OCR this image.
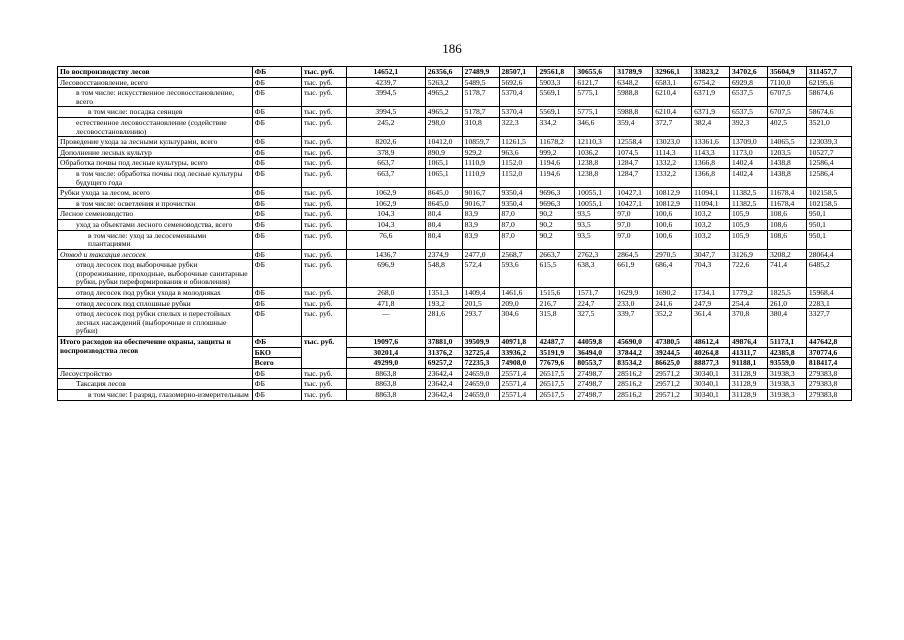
186
По воспроизводству лесов	ФБ	тыс. руб.	14652,1	26356,6	27489,9	28507,1	29561,8	30655,6	31789,9	32966,1	33823,2	34702,6	35604,9	311457,7
Лесовосстановление, всего	ФБ	тыс. руб.	4239,7	5263,2	5489,5	5692,6	5903,3	6121,7	6348,2	6583,1	6754,2	6929,8	7110,0	62195,6
в том числе: искусственное лесовосстановление, всего	ФБ	тыс. руб.	3994,5	4965,2	5178,7	5370,4	5569,1	5775,1	5988,8	6210,4	6371,9	6537,5	6707,5	58674,6
в том числе: посадка сеянцев	ФБ	тыс. руб.	3994,5	4965,2	5178,7	5370,4	5569,1	5775,1	5988,8	6210,4	6371,9	6537,5	6707,5	58674,6
естественное лесовосстановление (содействие лесовосстановлению)	ФБ	тыс. руб.	245,2	298,0	310,8	322,3	334,2	346,6	359,4	372,7	382,4	392,3	402,5	3521,0
Проведение ухода за лесными культурами, всего	ФБ	тыс. руб.	8202,6	10412,0	10859,7	11261,5	11678,2	12110,3	12558,4	13023,0	13361,6	13709,0	14065,5	123039,3
Дополнение лесных культур	ФБ	тыс. руб.	378,9	890,9	929,2	963,6	999,2	1036,2	1074,5	1114,3	1143,3	1173,0	1203,5	10527,7
Обработка почвы под лесные культуры, всего	ФБ	тыс. руб.	663,7	1065,1	1110,9	1152,0	1194,6	1238,8	1284,7	1332,2	1366,8	1402,4	1438,8	12586,4
в том числе: обработка почвы под лесные культуры будущего года	ФБ	тыс. руб.	663,7	1065,1	1110,9	1152,0	1194,6	1238,8	1284,7	1332,2	1366,8	1402,4	1438,8	12586,4
Рубки ухода за лесом, всего	ФБ	тыс. руб.	1062,9	8645,0	9016,7	9350,4	9696,3	10055,1	10427,1	10812,9	11094,1	11382,5	11678,4	102158,5
в том числе: осветления и прочистки	ФБ	тыс. руб.	1062,9	8645,0	9016,7	9350,4	9696,3	10055,1	10427,1	10812,9	11094,1	11382,5	11678,4	102158,5
Лесное семеноводство	ФБ	тыс. руб.	104,3	80,4	83,9	87,0	90,2	93,5	97,0	100,6	103,2	105,9	108,6	950,1
уход за объектами лесного семеноводства, всего	ФБ	тыс. руб.	104,3	80,4	83,9	87,0	90,2	93,5	97,0	100,6	103,2	105,9	108,6	950,1
в том числе: уход за лесосеменными плантациями	ФБ	тыс. руб.	76,6	80,4	83,9	87,0	90,2	93,5	97,0	100,6	103,2	105,9	108,6	950,1
Отвод и таксация лесосек	ФБ	тыс. руб.	1436,7	2374,9	2477,0	2568,7	2663,7	2762,3	2864,5	2970,5	3047,7	3126,9	3208,2	28064,4
отвод лесосек под выборочные рубки (прореживание, проходные, выборочные санитарные рубки, рубки переформирования и обновления)	ФБ	тыс. руб.	696,9	548,8	572,4	593,6	615,5	638,3	661,9	686,4	704,3	722,6	741,4	6485,2
отвод лесосек под рубки ухода в молодняках	ФБ	тыс. руб.	268,0	1351,3	1409,4	1461,6	1515,6	1571,7	1629,9	1690,2	1734,1	1779,2	1825,5	15968,4
отвод лесосек под сплошные рубки	ФБ	тыс. руб.	471,8	193,2	201,5	209,0	216,7	224,7	233,0	241,6	247,9	254,4	261,0	2283,1
отвод лесосек под рубки спелых и перестойных лесных насаждений (выборочные и сплошные рубки)	ФБ	тыс. руб.	—	281,6	293,7	304,6	315,8	327,5	339,7	352,2	361,4	370,8	380,4	3327,7
Итого расходов на обеспечение охраны, защиты и воспроизводства лесов	ФБ	тыс. руб.	19097,6	37881,0	39509,9	40971,8	42487,7	44059,8	45690,0	47380,5	48612,4	49876,4	51173,1	447642,8
	БКО		30201,4	31376,2	32725,4	33936,2	35191,9	36494,0	37844,2	39244,5	40264,8	41311,7	42385,8	370774,6
	Всего		49299,0	69257,2	72235,3	74908,0	77679,6	80553,7	83534,2	86625,0	88877,3	91188,1	93559,0	818417,4
Лесоустройство	ФБ	тыс. руб.	8863,8	23642,4	24659,0	25571,4	26517,5	27498,7	28516,2	29571,2	30340,1	31128,9	31938,3	279383,8
Таксация лесов	ФБ	тыс. руб.	8863,8	23642,4	24659,0	25571,4	26517,5	27498,7	28516,2	29571,2	30340,1	31128,9	31938,3	279383,8
в том числе: I разряд, глазомерно-измерительным	ФБ	тыс. руб.	8863,8	23642,4	24659,0	25571,4	26517,5	27498,7	28516,2	29571,2	30340,1	31128,9	31938,3	279383,8
